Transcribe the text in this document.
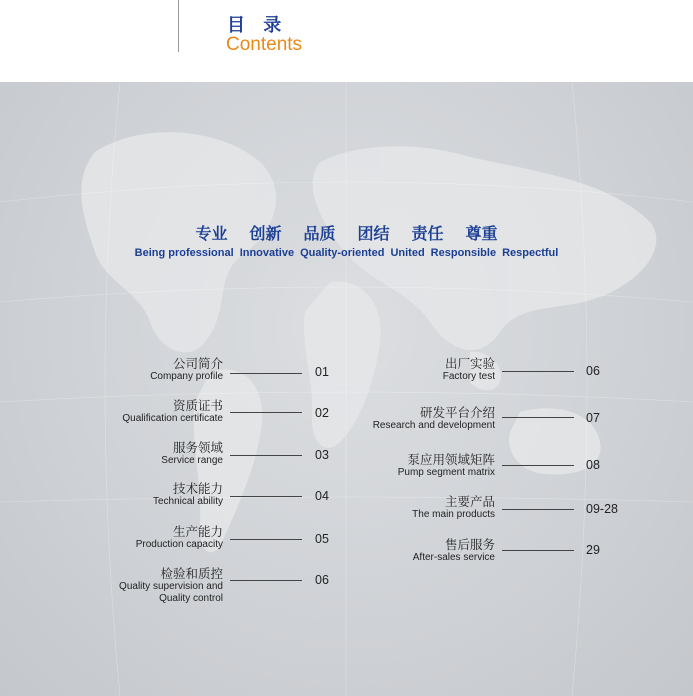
目 录
Contents
专业 创新 品质 团结 责任 尊重
Being professional Innovative Quality-oriented United Responsible Respectful
公司简介
Company profile	01
资质证书
Qualification certificate	02
服务领域
Service range	03
技术能力
Technical ability	04
生产能力
Production capacity	05
检验和质控
Quality supervision and
Quality control
06
出厂实验
Factory test	06
研发平台介绍
Research and development
07
泵应用领域矩阵
Pump segment matrix
08
主要产品
The main products	09-28
售后服务
After-sales service
29
